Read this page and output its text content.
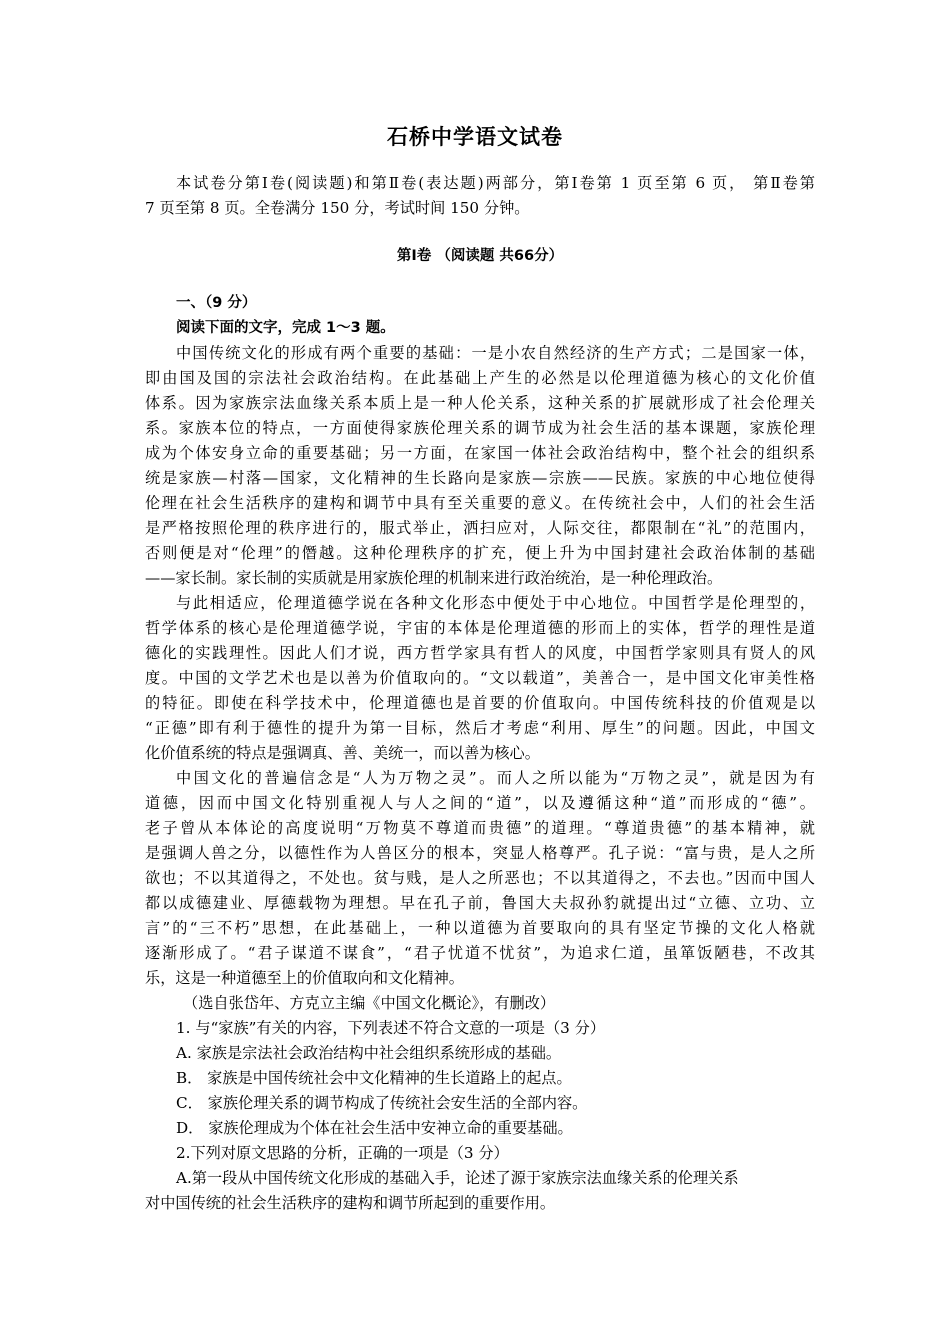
石桥中学语文试卷
本试卷分第Ⅰ卷(阅读题)和第Ⅱ卷(表达题)两部分，第Ⅰ卷第 1 页至第 6 页， 第Ⅱ卷第
7 页至第 8 页。全卷满分 150 分，考试时间 150 分钟。
第Ⅰ卷 （阅读题 共66分）
一、（9 分）
阅读下面的文字，完成 1～3 题。
中国传统文化的形成有两个重要的基础：一是小农自然经济的生产方式；二是国家一体，
即由国及国的宗法社会政治结构。在此基础上产生的必然是以伦理道德为核心的文化价值
体系。因为家族宗法血缘关系本质上是一种人伦关系，这种关系的扩展就形成了社会伦理关
系。家族本位的特点，一方面使得家族伦理关系的调节成为社会生活的基本课题，家族伦理
成为个体安身立命的重要基础；另一方面，在家国一体社会政治结构中，整个社会的组织系
统是家族—村落—国家，文化精神的生长路向是家族—宗族——民族。家族的中心地位使得
伦理在社会生活秩序的建构和调节中具有至关重要的意义。在传统社会中，人们的社会生活
是严格按照伦理的秩序进行的，服式举止，洒扫应对，人际交往，都限制在“礼”的范围内，
否则便是对“伦理”的僭越。这种伦理秩序的扩充，便上升为中国封建社会政治体制的基础
——家长制。家长制的实质就是用家族伦理的机制来进行政治统治，是一种伦理政治。
与此相适应，伦理道德学说在各种文化形态中便处于中心地位。中国哲学是伦理型的，
哲学体系的核心是伦理道德学说，宇宙的本体是伦理道德的形而上的实体，哲学的理性是道
德化的实践理性。因此人们才说，西方哲学家具有哲人的风度，中国哲学家则具有贤人的风
度。中国的文学艺术也是以善为价值取向的。“文以载道”，美善合一，是中国文化审美性格
的特征。即使在科学技术中，伦理道德也是首要的价值取向。中国传统科技的价值观是以
“正德”即有利于德性的提升为第一目标，然后才考虑“利用、厚生”的问题。因此，中国文
化价值系统的特点是强调真、善、美统一，而以善为核心。
中国文化的普遍信念是“人为万物之灵”。而人之所以能为“万物之灵”，就是因为有
道德，因而中国文化特别重视人与人之间的“道”，以及遵循这种“道”而形成的“德”。
老子曾从本体论的高度说明“万物莫不尊道而贵德”的道理。“尊道贵德”的基本精神，就
是强调人兽之分，以德性作为人兽区分的根本，突显人格尊严。孔子说：“富与贵，是人之所
欲也；不以其道得之，不处也。贫与贱，是人之所恶也；不以其道得之，不去也。”因而中国人
都以成德建业、厚德载物为理想。早在孔子前，鲁国大夫叔孙豹就提出过“立德、立功、立
言”的“三不朽”思想，在此基础上，一种以道德为首要取向的具有坚定节操的文化人格就
逐渐形成了。“君子谋道不谋食”，“君子忧道不忧贫”，为追求仁道，虽箪饭陋巷，不改其
乐，这是一种道德至上的价值取向和文化精神。
（选自张岱年、方克立主编《中国文化概论》，有删改）
1. 与“家族”有关的内容，下列表述不符合文意的一项是（3 分）
A. 家族是宗法社会政治结构中社会组织系统形成的基础。
B． 家族是中国传统社会中文化精神的生长道路上的起点。
C． 家族伦理关系的调节构成了传统社会安生活的全部内容。
D． 家族伦理成为个体在社会生活中安神立命的重要基础。
2.下列对原文思路的分析，正确的一项是（3 分）
A.第一段从中国传统文化形成的基础入手，论述了源于家族宗法血缘关系的伦理关系
对中国传统的社会生活秩序的建构和调节所起到的重要作用。
